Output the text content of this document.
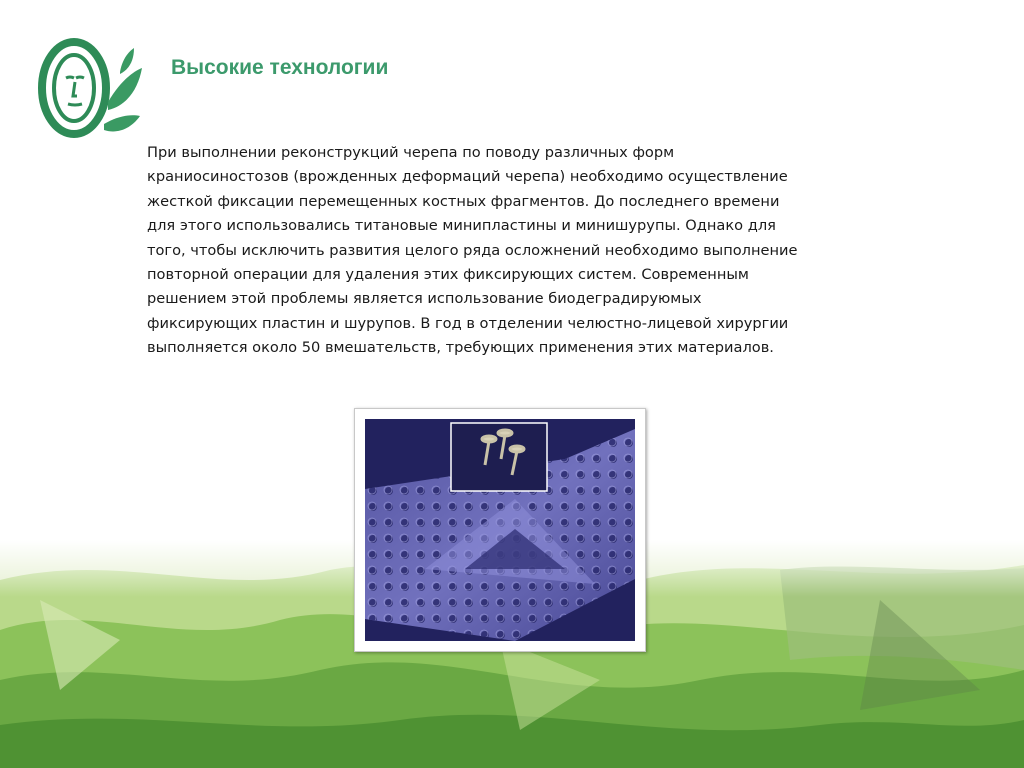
Высокие технологии
При выполнении реконструкций черепа по поводу различных форм
краниосиностозов (врожденных деформаций черепа) необходимо осуществление
жесткой фиксации перемещенных костных фрагментов. До последнего времени
для этого использовались титановые минипластины и минишурупы. Однако для
того, чтобы исключить развития целого ряда осложнений необходимо выполнение
повторной операции для удаления этих фиксирующих систем. Современным
решением этой проблемы является использование биодеградируюмых
фиксирующих пластин и шурупов. В год в отделении челюстно-лицевой хирургии
выполняется около 50 вмешательств, требующих применения этих материалов.
